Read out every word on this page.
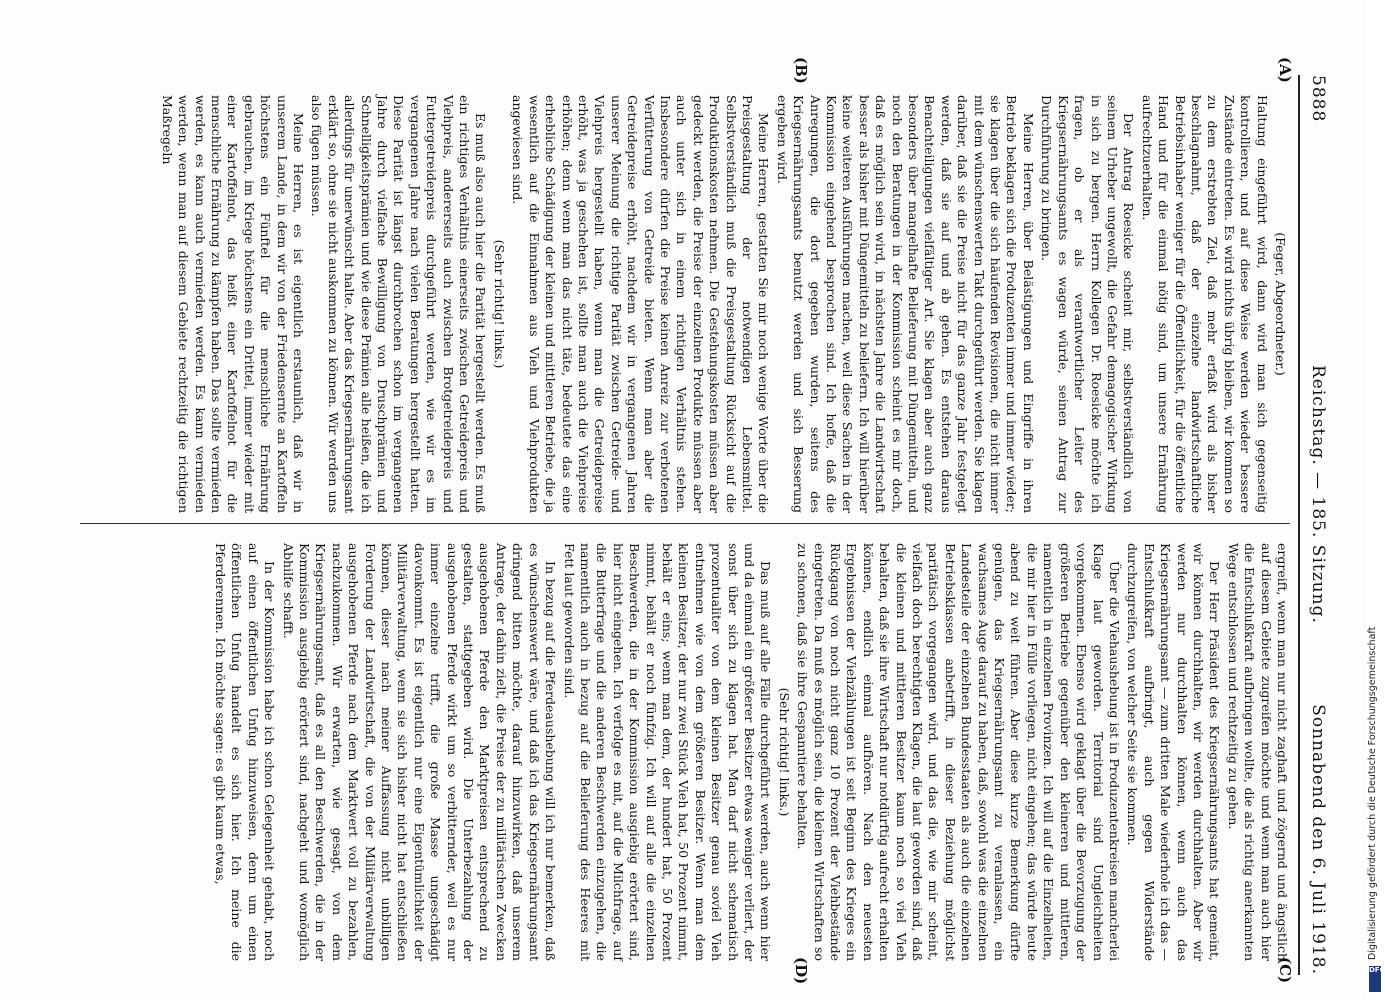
5888
Reichstag. — 185. Sitzung.
Sonnabend den 6. Juli 1918.
(A)
(B)
(C)
(D)

(Feger, Abgeordneter.)

Haltung eingeführt wird, dann wird man sich gegenseitig kontrollieren, und auf diese Weise werden wieder bessere Zustände eintreten. Es wird nichts übrig bleiben, wir kommen so zu dem erstrebten Ziel, daß mehr erfaßt wird als bisher beschlagnahmt, daß der einzelne landwirtschaftliche Betriebsinhaber weniger für die Öffentlichkeit, für die öffentliche Hand und für die einmal nötig sind, um unsere Ernährung aufrechtzuerhalten.

Der Antrag Roesicke scheint mir, selbstverständlich von seinem Urheber ungewollt, die Gefahr demagogischer Wirkung in sich zu bergen. Herrn Kollegen Dr. Roesicke möchte ich fragen, ob er als verantwortlicher Leiter des Kriegsernährungsamts es wagen würde, seinen Antrag zur Durchführung zu bringen.

Meine Herren, über Belästigungen und Eingriffe in ihren Betrieb beklagen sich die Produzenten immer und immer wieder; sie klagen über die sich häufenden Revisionen, die nicht immer mit dem wünschenswerten Takt durchgeführt werden. Sie klagen darüber, daß sie die Preise nicht für das ganze Jahr festgelegt werden, daß sie auf und ab gehen. Es entstehen daraus Benachteiligungen vielfältiger Art. Sie klagen aber auch ganz besonders über mangelhafte Belieferung mit Düngemitteln, und noch den Beratungen in der Kommission scheint es mir doch, daß es möglich sein wird, in nächsten Jahre die Landwirtschaft besser als bisher mit Düngemitteln zu beliefern. Ich will hierüber keine weiteren Ausführungen machen, weil diese Sachen in der Kommission eingehend besprochen sind. Ich hoffe, daß die Anregungen, die dort gegeben wurden, seitens des Kriegsernährungsamts benutzt werden und sich Besserung ergeben wird.

Meine Herren, gestatten Sie mir noch wenige Worte über die Preisgestaltung der notwendigen Lebensmittel. Selbstverständlich muß die Preisgestaltung Rücksicht auf die Produktionskosten nehmen. Die Gestehungskosten müssen aber gedeckt werden, die Preise der einzelnen Produkte müssen aber auch unter sich in einem richtigen Verhältnis stehen. Insbesondere dürfen die Preise keinen Anreiz zur verbotenen Verfütterung von Getreide bieten. Wenn man aber die Getreidepreise erhöht, nachdem wir in vergangenen Jahren unserer Meinung die richtige Parität zwischen Getreide- und Viehpreis hergestellt haben, wenn man die Getreidepreise erhöht, was ja geschehen ist, sollte man auch die Viehpreise erhöhen; denn wenn man das nicht täte, bedeutete das eine erhebliche Schädigung der kleinen und mittleren Betriebe, die ja wesentlich auf die Einnahmen aus Vieh und Viehprodukten angewiesen sind.

(Sehr richtig! links.)

Es muß also auch hier die Parität hergestellt werden. Es muß ein richtiges Verhältnis einerseits zwischen Getreidepreis und Viehpreis, andererseits auch zwischen Brotgetreidepreis und Futtergetreidepreis durchgeführt werden, wie wir es im vergangenen Jahre nach vielen Beratungen hergestellt hatten. Diese Parität ist längst durchbrochen schon im vergangenen Jahre durch vielfache Bewilligung von Druschprämien und Schnelligkeitsprämien und wie diese Prämien alle heißen, die ich allerdings für unerwünscht halte. Aber das Kriegsernährungsamt erklärt so, ohne sie nicht auskommen zu können. Wir werden uns also fügen müssen.

Meine Herren, es ist eigentlich erstaunlich, daß wir in unserem Lande, in dem wir von der Friedensernte an Kartoffeln höchstens ein Fünftel für die menschliche Ernährung gebrauchen, im Kriege höchstens ein Drittel, immer wieder mit einer Kartoffelnot, das heißt einer Kartoffelnot für die menschliche Ernährung zu kämpfen haben. Das sollte vermieden werden, es kann auch vermieden werden. Es kann vermieden werden, wenn man auf diesem Gebiete rechtzeitig die richtigen Maßregeln

ergreift, wenn man nur nicht zaghaft und zögernd und ängstlich auf diesem Gebiete zugreifen möchte und wenn man auch hier die Entschlußkraft aufbringen wollte, die als richtig anerkannten Wege entschlossen und rechtzeitig zu gehen.

Der Herr Präsident des Kriegsernährungsamts hat gemeint, wir können durchhalten, wir werden durchhalten. Aber wir werden nur durchhalten können, wenn auch das Kriegsernährungsamt — zum dritten Male wiederhole ich das — Entschlußkraft aufbringt, auch gegen Widerstände durchzugreifen, von welcher Seite sie kommen.

Über die Viehaushebung ist in Produzentenkreisen mancherlei Klage laut geworden. Territorial sind Ungleichheiten vorgekommen. Ebenso wird geklagt über die Bevorzugung der größeren Betriebe gegenüber den kleineren und mittleren, namentlich in einzelnen Provinzen. Ich will auf die Einzelheiten, die mir hier in Fülle vorliegen, nicht eingehen; das würde heute abend zu weit führen. Aber diese kurze Bemerkung dürfte genügen, das Kriegsernährungsamt zu veranlassen, ein wachsames Auge darauf zu haben, daß, sowohl was die einzelnen Landesteile der einzelnen Bundesstaaten als auch die einzelnen Betriebsklassen anbetrifft, in dieser Beziehung möglichst paritätisch vorgegangen wird, und das die, wie mir scheint, vielfach doch berechtigten Klagen, die laut geworden sind, daß die kleinen und mittleren Besitzer kaum noch so viel Vieh behalten, daß sie ihre Wirtschaft nur notdürftig aufrecht erhalten können, endlich einmal aufhören. Nach den neuesten Ergebnissen der Viehzählungen ist seit Beginn des Krieges ein Rückgang von noch nicht ganz 10 Prozent der Viehbestände eingetreten. Da muß es möglich sein, die kleinen Wirtschaften so zu schonen, daß sie ihre Gespanntiere behalten.

(Sehr richtig! links.)

Das muß auf alle Fälle durchgeführt werden, auch wenn hier und da einmal ein größerer Besitzer etwas weniger verliert, der sonst über sich zu klagen hat. Man darf nicht schematisch prozentualiter von dem kleinen Besitzer genau soviel Vieh entnehmen wie von dem größeren Besitzer. Wenn man dem kleinen Besitzer, der nur zwei Stück Vieh hat, 50 Prozent nimmt, behält er eins; wenn man dem, der hundert hat, 50 Prozent nimmt, behält er noch fünfzig. Ich will auf alle die einzelnen Beschwerden, die in der Kommission ausgiebig erörtert sind, hier nicht eingehen. Ich verfolge es mit, auf die Milchfrage, auf die Butterfrage und die anderen Beschwerden einzugehen, die namentlich auch in bezug auf die Belieferung des Heeres mit Fett laut geworden sind.

In bezug auf die Pferdeaushebung will ich nur bemerken, daß es wünschenswert wäre, und daß ich das Kriegsernährungsamt dringend bitten möchte, darauf hinzuwirken, daß unserem Antrage, der dahin zielt, die Preise der zu militärischen Zwecken ausgehobenen Pferde den Marktpreisen entsprechend zu gestalten, stattgegeben wird. Die Unterbezahlung der ausgehobenen Pferde wirkt um so verbitternder, weil es nur immer einzelne trifft, die große Masse ungeschädigt davonkommt. Es ist eigentlich nur eine Eigentümlichkeit der Militärverwaltung, wenn sie sich bisher nicht hat entschließen können, dieser nach meiner Auffassung nicht unbilligen Forderung der Landwirtschaft, die von der Militärverwaltung ausgehobenen Pferde nach dem Marktwert voll zu bezahlen, nachzukommen. Wir erwarten, wie gesagt, von dem Kriegsernährungsamt, daß es all den Beschwerden, die in der Kommission ausgiebig erörtert sind, nachgeht und womöglich Abhilfe schafft.

In der Kommission habe ich schon Gelegenheit gehabt, noch auf einen öffentlichen Unfug hinzuweisen, denn um einen öffentlichen Unfug handelt es sich hier. Ich meine die Pferderennen. Ich möchte sagen: es gibt kaum etwas,	Digitalisierung gefördert durch die Deutsche Forschungsgemeinschaft
DFG
